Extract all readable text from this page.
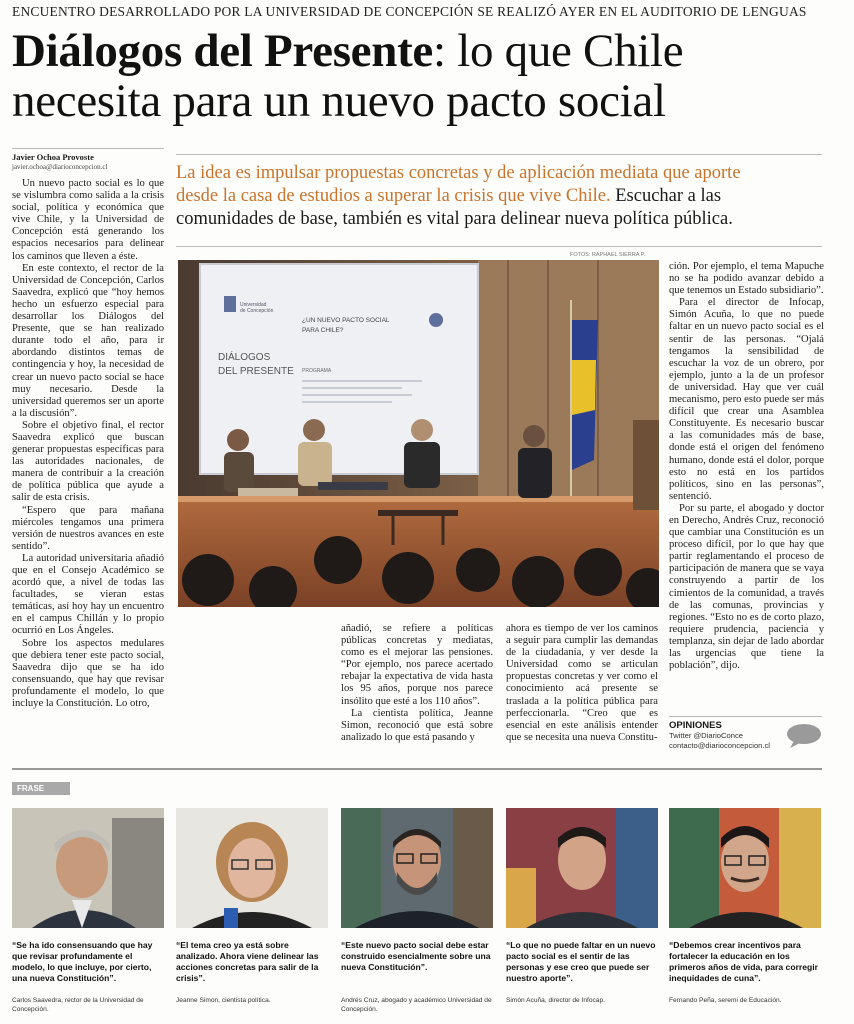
ENCUENTRO DESARROLLADO POR LA UNIVERSIDAD DE CONCEPCIÓN SE REALIZÓ AYER EN EL AUDITORIO DE LENGUAS
Diálogos del Presente: lo que Chile
necesita para un nuevo pacto social
Javier Ochoa Provoste
javier.ochoa@diarioconcepcion.cl	La idea es impulsar propuestas concretas y de aplicación mediata que aporte desde la casa de estudios a superar la crisis que vive Chile. Escuchar a las comunidades de base, también es vital para delinear nueva política pública.

Un nuevo pacto social es lo que se vislumbra como salida a la crisis social, política y económica que vive Chile, y la Universidad de Concepción está generando los espacios necesarios para delinear los caminos que lleven a éste.

En este contexto, el rector de la Universidad de Concepción, Carlos Saavedra, explicó que “hoy hemos hecho un esfuerzo especial para desarrollar los Diálogos del Presente, que se han realizado durante todo el año, para ir abordando distintos temas de contingencia y hoy, la necesidad de crear un nuevo pacto social se hace muy necesario. Desde la universidad queremos ser un aporte a la discusión”.

Sobre el objetivo final, el rector Saavedra explicó que buscan generar propuestas específicas para las autoridades nacionales, de manera de contribuir a la creación de política pública que ayude a salir de esta crisis.

“Espero que para mañana miércoles tengamos una primera versión de nuestros avances en este sentido”.

La autoridad universitaria añadió que en el Consejo Académico se acordó que, a nivel de todas las facultades, se vieran estas temáticas, así hoy hay un encuentro en el campus Chillán y lo propio ocurrió en Los Ángeles.

Sobre los aspectos medulares que debiera tener este pacto social, Saavedra dijo que se ha ido consensuando, que hay que revisar profundamente el modelo, lo que incluye la Constitución. Lo otro,

FOTOS: RAPHAEL SIERRA P.
Universidad
de Concepción
DIÁLOGOS
DEL PRESENTE
¿UN NUEVO PACTO SOCIAL
PARA CHILE?
PROGRAMA

añadió, se refiere a políticas públicas concretas y mediatas, como es el mejorar las pensiones. “Por ejemplo, nos parece acertado rebajar la expectativa de vida hasta los 95 años, porque nos parece insólito que esté a los 110 años”.

La cientista política, Jeanne Simon, reconoció que está sobre analizado lo que está pasando y

ahora es tiempo de ver los caminos a seguir para cumplir las demandas de la ciudadanía, y ver desde la Universidad como se articulan propuestas concretas y ver como el conocimiento acá presente se traslada a la política pública para perfeccionarla. “Creo que es esencial en este análisis entender que se necesita una nueva Constitu-

ción. Por ejemplo, el tema Mapuche no se ha podido avanzar debido a que tenemos un Estado subsidiario”.

Para el director de Infocap, Simón Acuña, lo que no puede faltar en un nuevo pacto social es el sentir de las personas. “Ojalá tengamos la sensibilidad de escuchar la voz de un obrero, por ejemplo, junto a la de un profesor de universidad. Hay que ver cuál mecanismo, pero esto puede ser más difícil que crear una Asamblea Constituyente. Es necesario buscar a las comunidades más de base, donde está el origen del fenómeno humano, donde está el dolor, porque esto no está en los partidos políticos, sino en las personas”, sentenció.

Por su parte, el abogado y doctor en Derecho, Andrés Cruz, reconoció que cambiar una Constitución es un proceso difícil, por lo que hay que partir reglamentando el proceso de participación de manera que se vaya construyendo a partir de los cimientos de la comunidad, a través de las comunas, provincias y regiones. “Esto no es de corto plazo, requiere prudencia, paciencia y templanza, sin dejar de lado abordar las urgencias que tiene la población”, dijo.

OPINIONES
Twitter @DiarioConce
contacto@diarioconcepcion.cl
FRASE
“Se ha ido consensuando que hay que revisar profundamente el modelo, lo que incluye, por cierto, una nueva Constitución”.
Carlos Saavedra, rector de la Universidad de Concepción.
“El tema creo ya está sobre analizado. Ahora viene delinear las acciones concretas para salir de la crisis”.
Jeanne Simon, cientista política.
“Este nuevo pacto social debe estar construido esencialmente sobre una nueva Constitución”.
Andrés Cruz, abogado y académico Universidad de Concepción.
“Lo que no puede faltar en un nuevo pacto social es el sentir de las personas y ese creo que puede ser nuestro aporte”.
Simón Acuña, director de Infocap.
“Debemos crear incentivos para fortalecer la educación en los primeros años de vida, para corregir inequidades de cuna”.
Fernando Peña, seremi de Educación.
